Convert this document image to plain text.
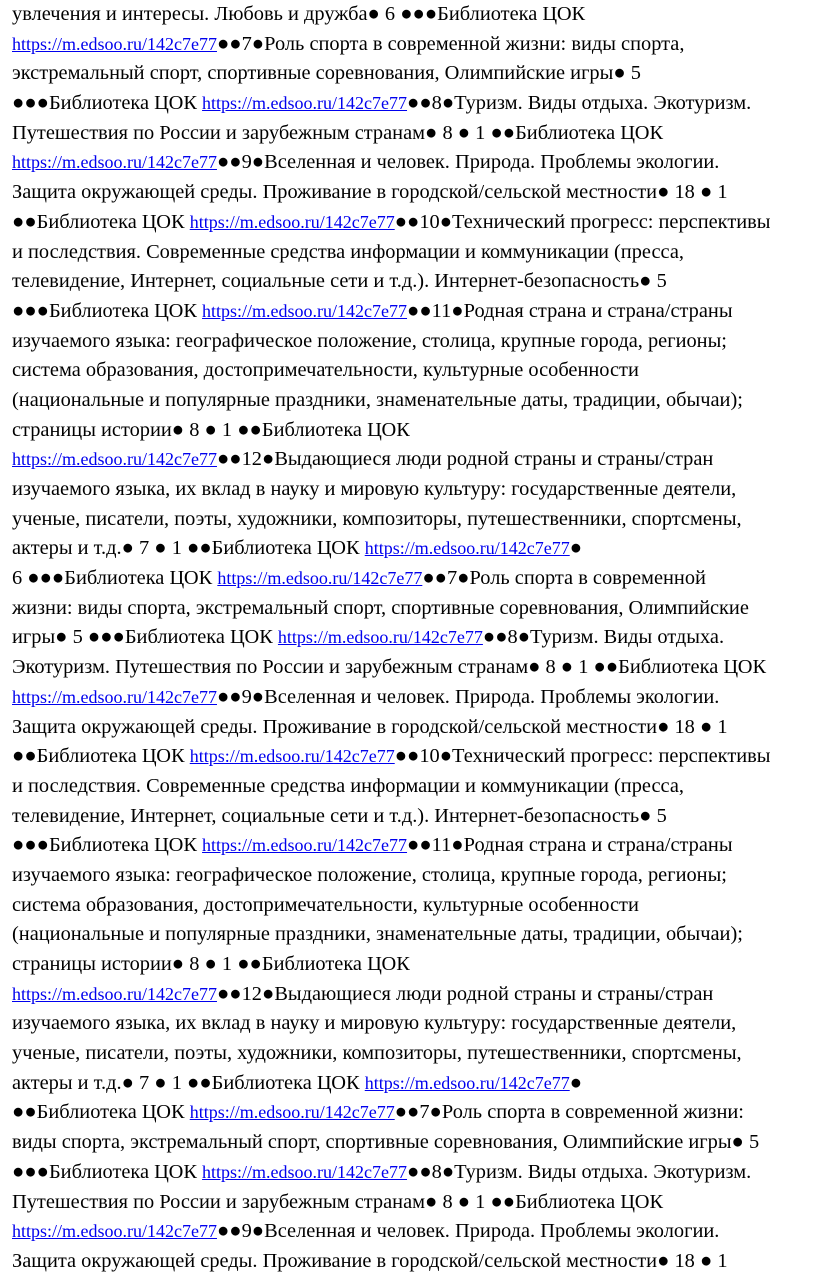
увлечения и интересы. Любовь и дружба● 6 ●●●Библиотека ЦОК
https://m.edsoo.ru/142c7e77●●7●Роль спорта в современной жизни: виды спорта,
экстремальный спорт, спортивные соревнования, Олимпийские игры● 5
●●●Библиотека ЦОК https://m.edsoo.ru/142c7e77●●8●Туризм. Виды отдыха. Экотуризм.
Путешествия по России и зарубежным странам● 8 ● 1 ●●Библиотека ЦОК
https://m.edsoo.ru/142c7e77●●9●Вселенная и человек. Природа. Проблемы экологии.
Защита окружающей среды. Проживание в городской/сельской местности● 18 ● 1
●●Библиотека ЦОК https://m.edsoo.ru/142c7e77●●10●Технический прогресс: перспективы
и последствия. Современные средства информации и коммуникации (пресса,
телевидение, Интернет, социальные сети и т.д.). Интернет-безопасность● 5
●●●Библиотека ЦОК https://m.edsoo.ru/142c7e77●●11●Родная страна и страна/страны
изучаемого языка: географическое положение, столица, крупные города, регионы;
система образования, достопримечательности, культурные особенности
(национальные и популярные праздники, знаменательные даты, традиции, обычаи);
страницы истории● 8 ● 1 ●●Библиотека ЦОК
https://m.edsoo.ru/142c7e77●●12●Выдающиеся люди родной страны и страны/стран
изучаемого языка, их вклад в науку и мировую культуру: государственные деятели,
ученые, писатели, поэты, художники, композиторы, путешественники, спортсмены,
актеры и т.д.● 7 ● 1 ●●Библиотека ЦОК https://m.edsoo.ru/142c7e77●
6 ●●●Библиотека ЦОК https://m.edsoo.ru/142c7e77●●7●Роль спорта в современной
жизни: виды спорта, экстремальный спорт, спортивные соревнования, Олимпийские
игры● 5 ●●●Библиотека ЦОК https://m.edsoo.ru/142c7e77●●8●Туризм. Виды отдыха.
Экотуризм. Путешествия по России и зарубежным странам● 8 ● 1 ●●Библиотека ЦОК
https://m.edsoo.ru/142c7e77●●9●Вселенная и человек. Природа. Проблемы экологии.
Защита окружающей среды. Проживание в городской/сельской местности● 18 ● 1
●●Библиотека ЦОК https://m.edsoo.ru/142c7e77●●10●Технический прогресс: перспективы
и последствия. Современные средства информации и коммуникации (пресса,
телевидение, Интернет, социальные сети и т.д.). Интернет-безопасность● 5
●●●Библиотека ЦОК https://m.edsoo.ru/142c7e77●●11●Родная страна и страна/страны
изучаемого языка: географическое положение, столица, крупные города, регионы;
система образования, достопримечательности, культурные особенности
(национальные и популярные праздники, знаменательные даты, традиции, обычаи);
страницы истории● 8 ● 1 ●●Библиотека ЦОК
https://m.edsoo.ru/142c7e77●●12●Выдающиеся люди родной страны и страны/стран
изучаемого языка, их вклад в науку и мировую культуру: государственные деятели,
ученые, писатели, поэты, художники, композиторы, путешественники, спортсмены,
актеры и т.д.● 7 ● 1 ●●Библиотека ЦОК https://m.edsoo.ru/142c7e77●
●●Библиотека ЦОК https://m.edsoo.ru/142c7e77●●7●Роль спорта в современной жизни:
виды спорта, экстремальный спорт, спортивные соревнования, Олимпийские игры● 5
●●●Библиотека ЦОК https://m.edsoo.ru/142c7e77●●8●Туризм. Виды отдыха. Экотуризм.
Путешествия по России и зарубежным странам● 8 ● 1 ●●Библиотека ЦОК
https://m.edsoo.ru/142c7e77●●9●Вселенная и человек. Природа. Проблемы экологии.
Защита окружающей среды. Проживание в городской/сельской местности● 18 ● 1
